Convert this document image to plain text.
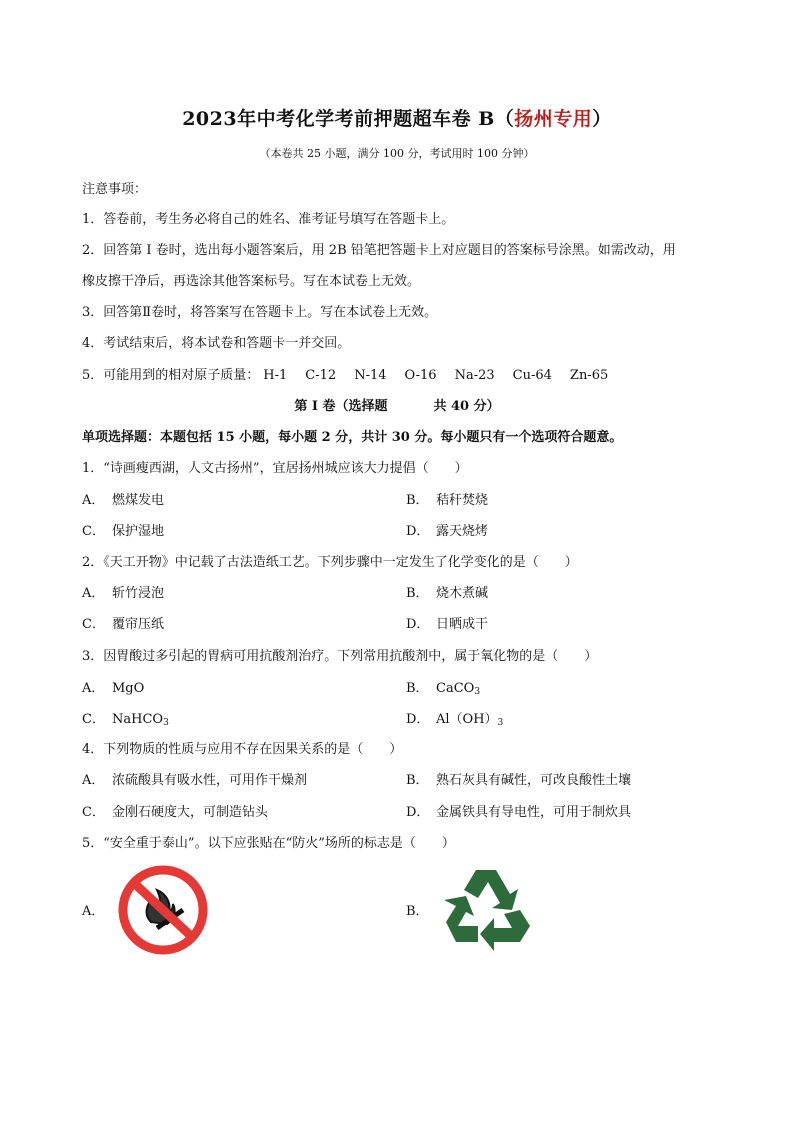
2023年中考化学考前押题超车卷 B（扬州专用）
（本卷共 25 小题，满分 100 分，考试用时 100 分钟）
注意事项：
1．答卷前，考生务必将自己的姓名、准考证号填写在答题卡上。
2．回答第 I 卷时，选出每小题答案后，用 2B 铅笔把答题卡上对应题目的答案标号涂黑。如需改动，用
橡皮擦干净后，再选涂其他答案标号。写在本试卷上无效。
3．回答第Ⅱ卷时，将答案写在答题卡上。写在本试卷上无效。
4．考试结束后，将本试卷和答题卡一并交回。
5．可能用到的相对原子质量： H-1 C-12 N-14 O-16 Na-23 Cu-64 Zn-65
第 I 卷（选择题	共 40 分）
单项选择题：本题包括 15 小题，每小题 2 分，共计 30 分。每小题只有一个选项符合题意。
1．“诗画瘦西湖，人文古扬州”，宜居扬州城应该大力提倡（　　）
A． 燃煤发电	B． 秸秆焚烧
C． 保护湿地	D． 露天烧烤
2．《天工开物》中记载了古法造纸工艺。下列步骤中一定发生了化学变化的是（　　）
A． 斩竹浸泡	B． 烧木煮碱
C． 覆帘压纸	D． 日晒成干
3．因胃酸过多引起的胃病可用抗酸剂治疗。下列常用抗酸剂中，属于氧化物的是（　　）
A． MgO	B． CaCO$_3$
C． NaHCO$_3$	D． $Al(OH)_3$
4．下列物质的性质与应用不存在因果关系的是（　　）
A． 浓硫酸具有吸水性，可用作干燥剂	B． 熟石灰具有碱性，可改良酸性土壤
C． 金刚石硬度大，可制造钻头	D． 金属铁具有导电性，可用于制炊具
5．“安全重于泰山”。以下应张贴在“防火”场所的标志是（　　）
A．	B．
